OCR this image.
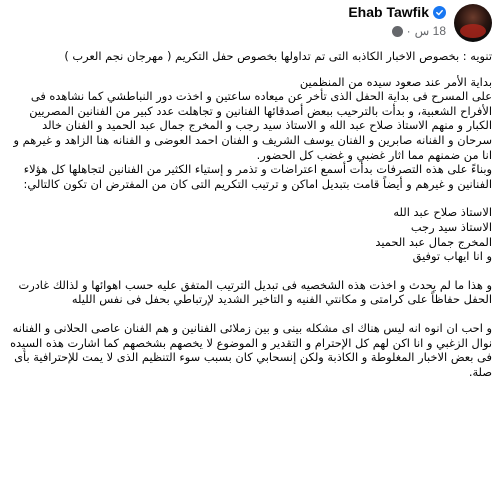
Ehab Tawfik
18 س
·

تنويه : بخصوص الاخبار الكاذبه التى تم تداولها بخصوص حفل التكريم ( مهرجان نجم العرب )

بداية الأمر عند صعود سيده من المنظمين

على المسرح فى بداية الحفل الذى تأخر عن ميعاده ساعتين و اخذت دور النباطشي كما نشاهده فى الأفراح الشعبية، و بدأت بالترحيب ببعض أصدقائها الفنانين و تجاهلت عدد كبير من الفنانين المصريين الكبار و منهم الاستاذ صلاح عبد الله و الاستاذ سيد رجب و المخرج جمال عبد الحميد و الفنان خالد سرحان و الفنانه صابرين و الفنان يوسف الشريف و الفنان احمد العوضى و الفنانه هنا الزاهد و غيرهم و انا من ضمنهم مما اثار غضبي و غضب كل الحضور.

وبناءً على هذه التصرفات بدأت أسمع اعتراضات و تذمر و إستياء الكثير من الفنانين لتجاهلها كل هؤلاء الفنانين و غيرهم و أيضاً قامت بتبديل اماكن و ترتيب التكريم التى كان من المفترض ان تكون كالتالي:

الاستاذ صلاح عبد الله

الاستاذ سيد رجب

المخرج جمال عبد الحميد

و انا ايهاب توفيق

و هذا ما لم يحدث و اخذت هذه الشخصيه فى تبديل الترتيب المتفق عليه حسب اهوائها و لذالك غادرت الحفل حفاظاً على كرامتى و مكانتي الفنيه و التاخير الشديد لإرتباطي بحفل فى نفس الليله

و احب ان انوه انه ليس هناك اى مشكله بينى و بين زملائى الفنانين و هم الفنان عاصى الحلانى و الفنانه نوال الزغبي و انا اكن لهم كل الإحترام و التقدير و الموضوع لا يخصهم بشخصهم كما اشارت هذه السيده فى بعض الاخبار المغلوطة و الكاذبة ولكن إنسحابي كان بسبب سوء التنظيم الذى لا يمت للإحترافية بأى صلة.
